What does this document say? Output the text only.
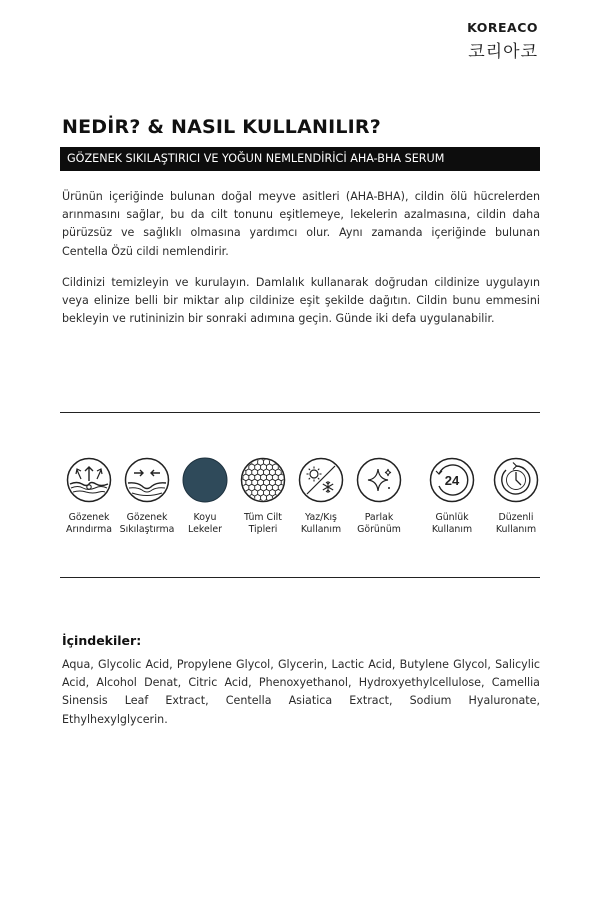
KOREACO
코리아코
NEDİR? & NASIL KULLANILIR?
GÖZENEK SIKILAŞTIRICI VE YOĞUN NEMLENDİRİCİ AHA-BHA SERUM
Ürünün içeriğinde bulunan doğal meyve asitleri (AHA-BHA), cildin ölü hücrelerden arınmasını sağlar, bu da cilt tonunu eşitlemeye, lekelerin azalmasına, cildin daha pürüzsüz ve sağlıklı olmasına yardımcı olur. Aynı zamanda içeriğinde bulunan Centella Özü cildi nemlendirir.
Cildinizi temizleyin ve kurulayın. Damlalık kullanarak doğrudan cildinize uygulayın veya elinize belli bir miktar alıp cildinize eşit şekilde dağıtın. Cildin bunu emmesini bekleyin ve rutininizin bir sonraki adımına geçin. Günde iki defa uygulanabilir.
Gözenek
Arındırma
Gözenek
Sıkılaştırma
Koyu
Lekeler
Tüm Cilt
Tipleri
Yaz/Kış
Kullanım
Parlak
Görünüm
24
Günlük
Kullanım
Düzenli
Kullanım
İçindekiler:
Aqua, Glycolic Acid, Propylene Glycol, Glycerin, Lactic Acid, Butylene Glycol, Salicylic Acid, Alcohol Denat, Citric Acid, Phenoxyethanol, Hydroxyethylcellulose, Camellia Sinensis Leaf Extract, Centella Asiatica Extract, Sodium Hyaluronate, Ethylhexylglycerin.
